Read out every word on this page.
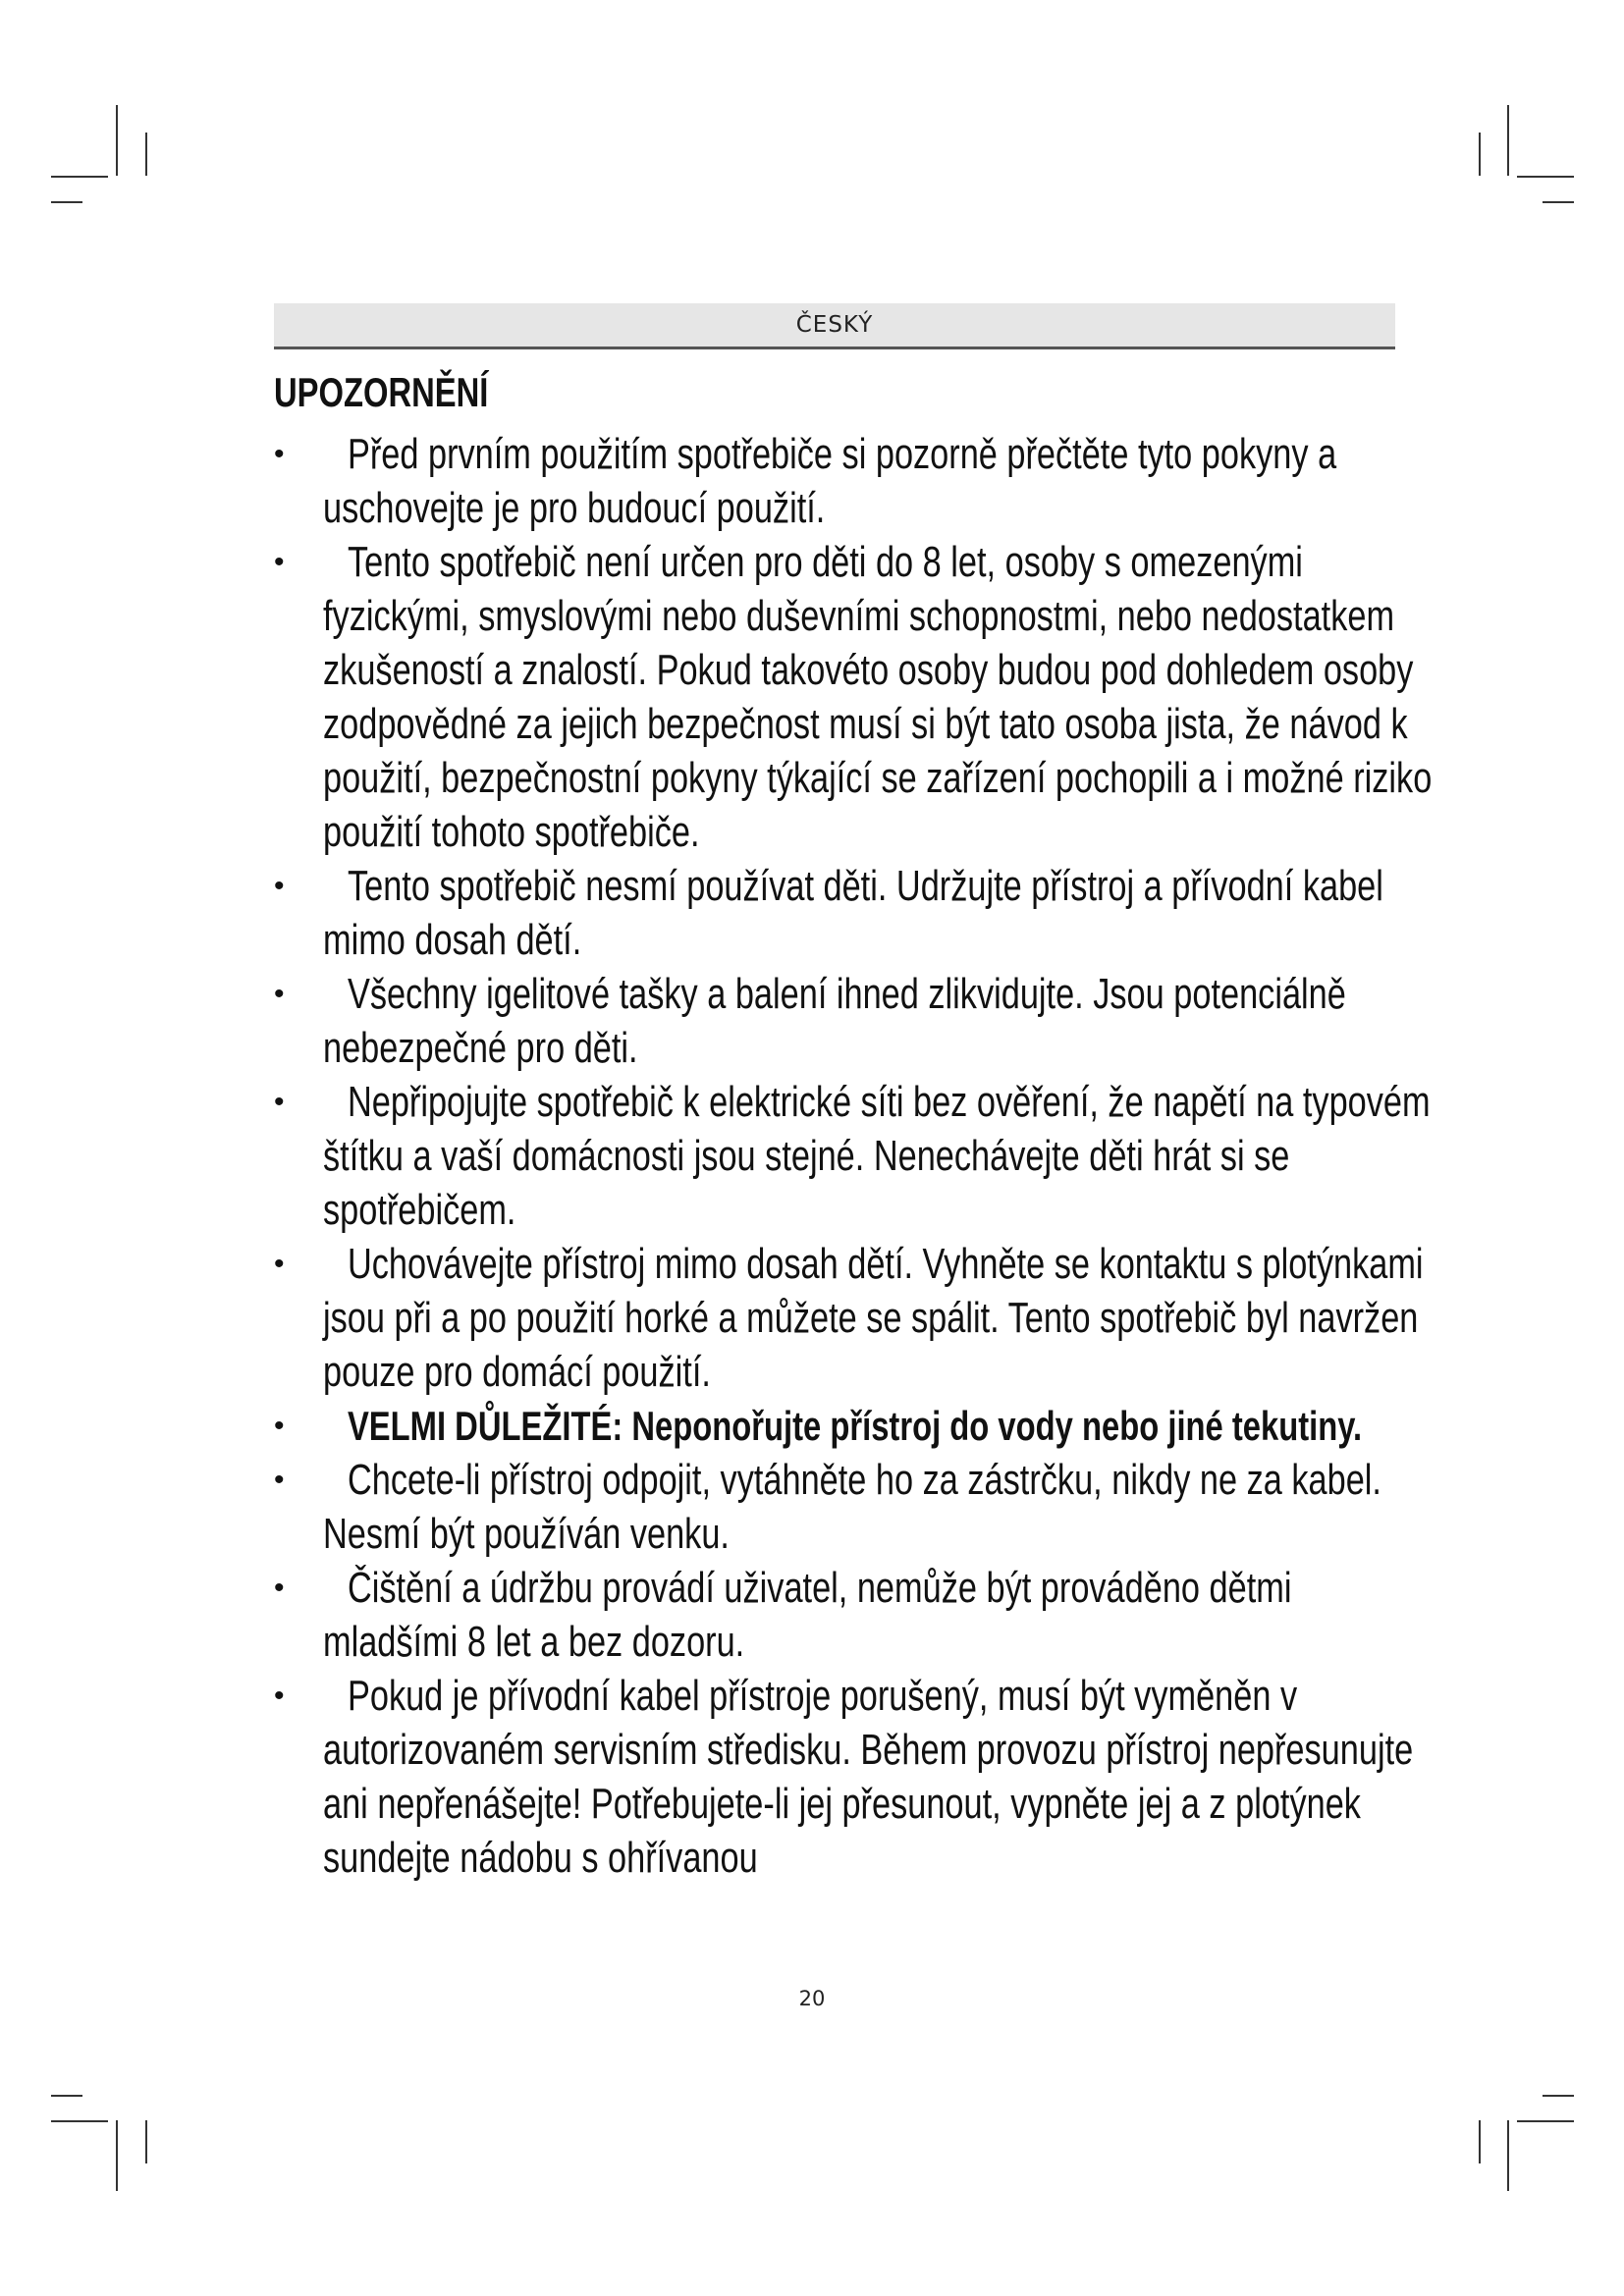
ČESKÝ
UPOZORNĚNÍ
•	Před prvním použitím spotřebiče si pozorně přečtěte tyto pokyny a uschovejte je pro budoucí použití.
•	Tento spotřebič není určen pro děti do 8 let, osoby s omezenými fyzickými, smyslovými nebo duševními schopnostmi, nebo nedostatkem zkušeností a znalostí. Pokud takovéto osoby budou pod dohledem osoby zodpovědné za jejich bezpečnost musí si být tato osoba jista, že návod k použití, bezpečnostní pokyny týkající se zařízení pochopili a i možné riziko použití tohoto spotřebiče.
•	Tento spotřebič nesmí používat děti. Udržujte přístroj a přívodní kabel mimo dosah dětí.
•	Všechny igelitové tašky a balení ihned zlikvidujte. Jsou potenciálně nebezpečné pro děti.
•	Nepřipojujte spotřebič k elektrické síti bez ověření, že napětí na typovém štítku a vaší domácnosti jsou stejné. Nenechávejte děti hrát si se spotřebičem.
•	Uchovávejte přístroj mimo dosah dětí. Vyhněte se kontaktu s plotýnkami jsou při a po použití horké a můžete se spálit. Tento spotřebič byl navržen pouze pro domácí použití.
•	VELMI DŮLEŽITÉ: Neponořujte přístroj do vody nebo jiné tekutiny.
•	Chcete-li přístroj odpojit, vytáhněte ho za zástrčku, nikdy ne za kabel. Nesmí být používán venku.
•	Čištění a údržbu provádí uživatel, nemůže být prováděno dětmi mladšími 8 let a bez dozoru.
•	Pokud je přívodní kabel přístroje porušený, musí být vyměněn v autorizovaném servisním středisku. Během provozu přístroj nepřesunujte ani nepřenášejte! Potřebujete-li jej přesunout, vypněte jej a z plotýnek sundejte nádobu s ohřívanou
20
